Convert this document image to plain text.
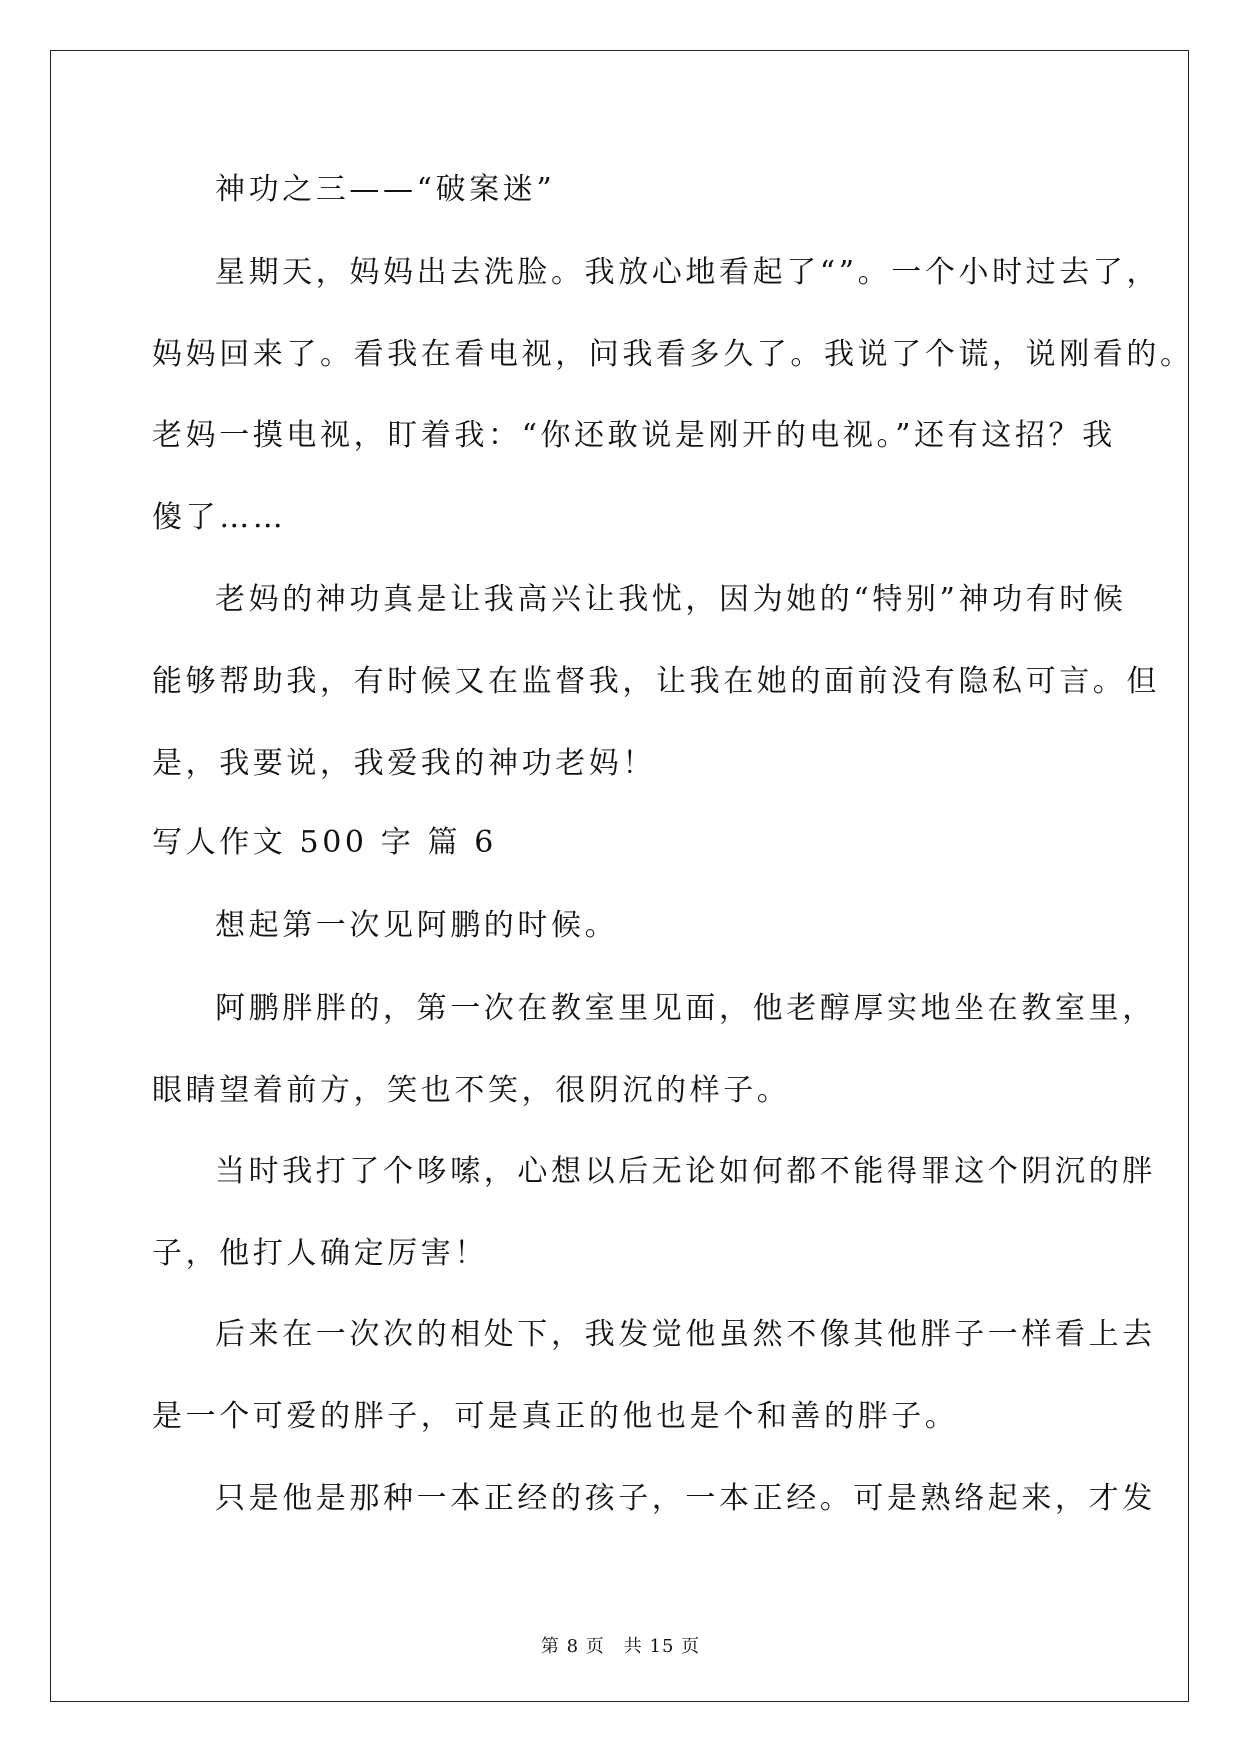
神功之三——“破案迷”

星期天，妈妈出去洗脸。我放心地看起了“”。一个小时过去了，

妈妈回来了。看我在看电视，问我看多久了。我说了个谎，说刚看的。

老妈一摸电视，盯着我：“你还敢说是刚开的电视。”还有这招？我

傻了……

老妈的神功真是让我高兴让我忧，因为她的“特别”神功有时候

能够帮助我，有时候又在监督我，让我在她的面前没有隐私可言。但

是，我要说，我爱我的神功老妈！

写人作文 500 字 篇 6

想起第一次见阿鹏的时候。

阿鹏胖胖的，第一次在教室里见面，他老醇厚实地坐在教室里，

眼睛望着前方，笑也不笑，很阴沉的样子。

当时我打了个哆嗦，心想以后无论如何都不能得罪这个阴沉的胖

子，他打人确定厉害！

后来在一次次的相处下，我发觉他虽然不像其他胖子一样看上去

是一个可爱的胖子，可是真正的他也是个和善的胖子。

只是他是那种一本正经的孩子，一本正经。可是熟络起来，才发

第 8 页　共 15 页
